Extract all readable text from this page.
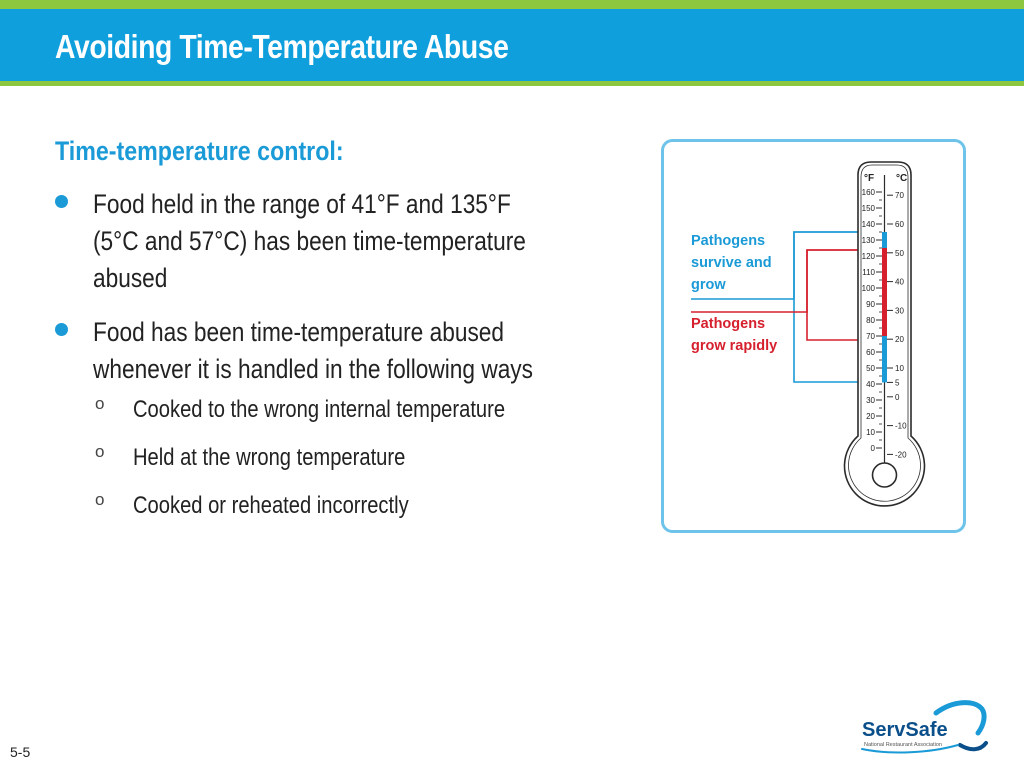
Avoiding Time-Temperature Abuse
Time-temperature control:
Food held in the range of 41°F and 135°F
(5°C and 57°C) has been time-temperature
abused
Food has been time-temperature abused
whenever it is handled in the following ways
o Cooked to the wrong internal temperature
o Held at the wrong temperature
o Cooked or reheated incorrectly
Pathogens
survive and
grow
Pathogens
grow rapidly
°F °C
160
150
140
130
120
110
100
90
80
70
60
50
40
30
20
10
0
70
60
50
40
30
20
10
5
0
-10
-20
ServSafe
National Restaurant Association
5-5
